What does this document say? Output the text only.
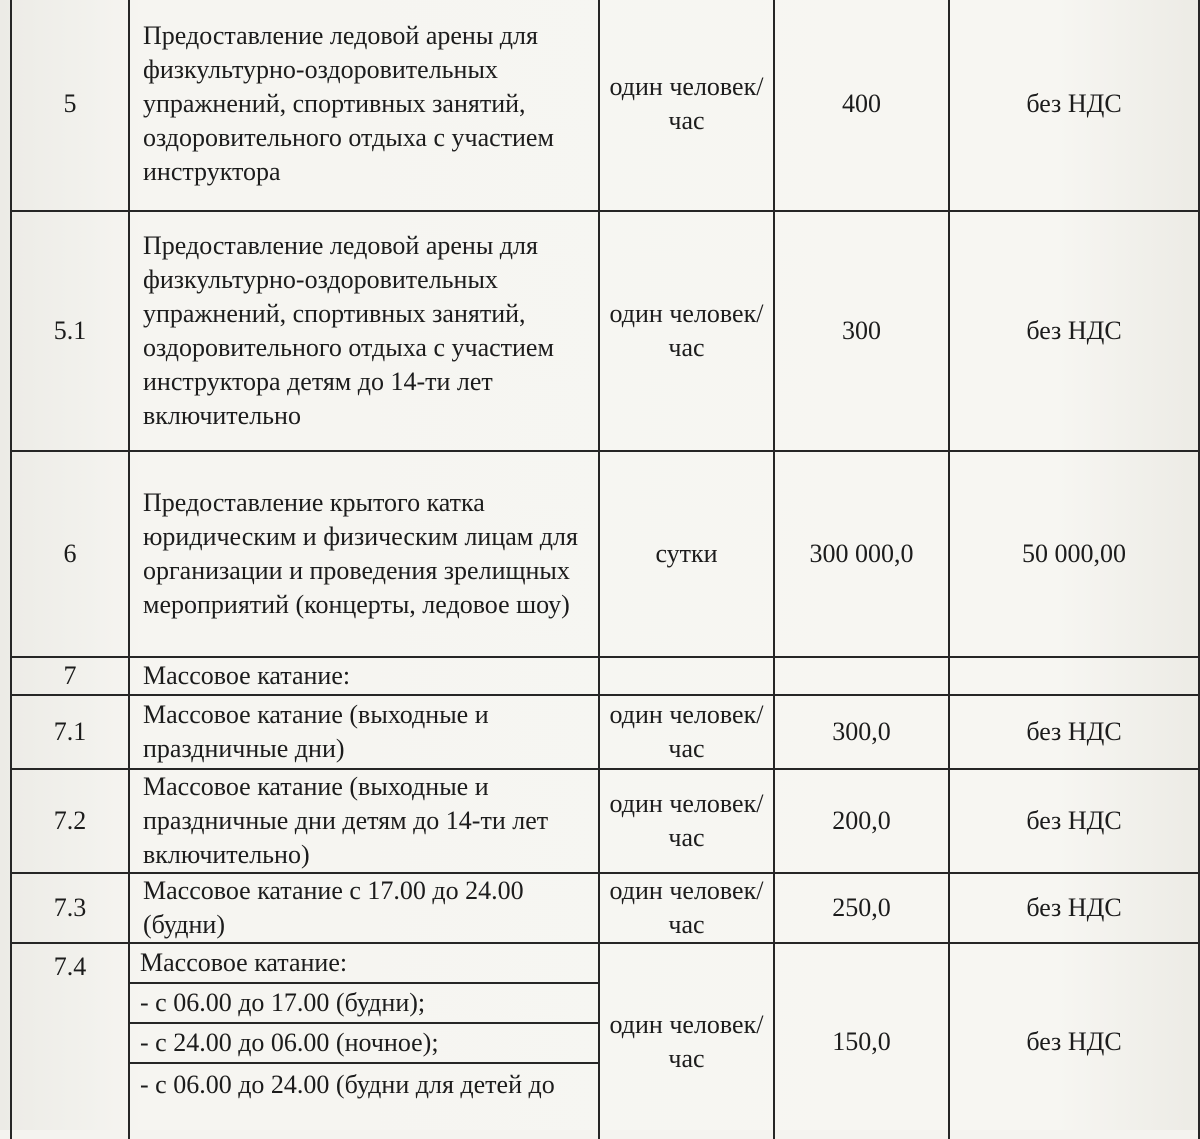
5	Предоставление ледовой арены для физкультурно-оздоровительных упражнений, спортивных занятий, оздоровительного отдыха с участием инструктора	один человек/час	400	без НДС
5.1	Предоставление ледовой арены для физкультурно-оздоровительных упражнений, спортивных занятий, оздоровительного отдыха с участием инструктора детям до 14-ти лет включительно	один человек/час	300	без НДС
6	Предоставление крытого катка юридическим и физическим лицам для организации и проведения зрелищных мероприятий (концерты, ледовое шоу)	сутки	300 000,0	50 000,00
7	Массовое катание:			
7.1	Массовое катание (выходные и праздничные дни)	один человек/час	300,0	без НДС
7.2	Массовое катание (выходные и праздничные дни детям до 14-ти лет включительно)	один человек/час	200,0	без НДС
7.3	Массовое катание с 17.00 до 24.00 (будни)	один человек/час	250,0	без НДС
7.4	Массовое катание:	один человек/час	150,0	без НДС
	- с 06.00 до 17.00 (будни);			
	- с 24.00 до 06.00 (ночное);			
	- с 06.00 до 24.00 (будни для детей до			
